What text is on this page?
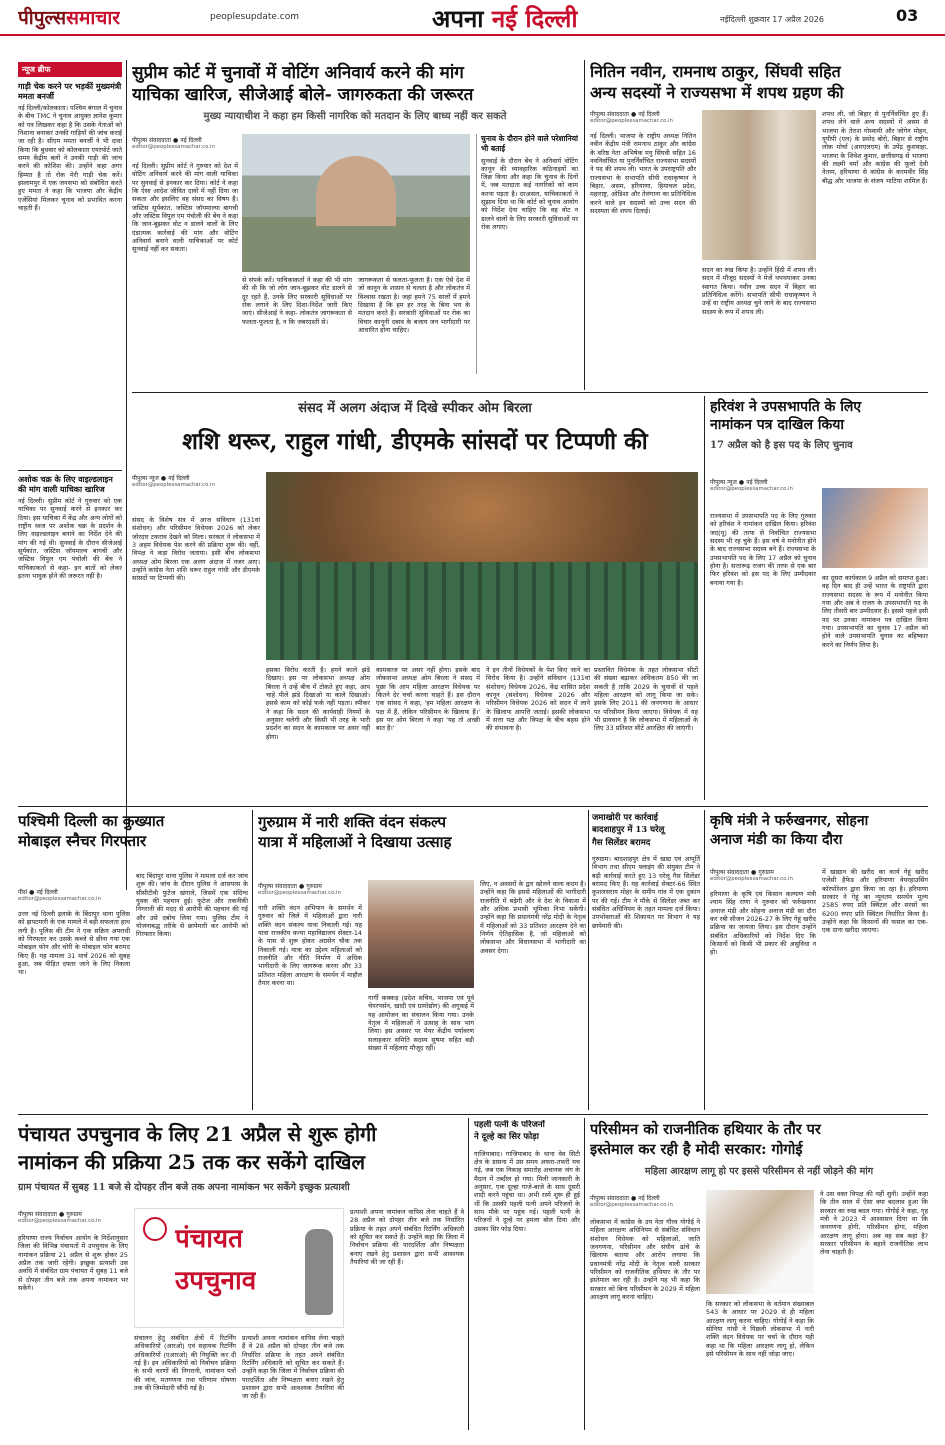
पीपुल्ससमाचार	peoplesupdate.com	अपना नई दिल्ली	नईदिल्ली शुक्रवार 17 अप्रैल 2026	03
न्यूज ब्रीफ
गाड़ी चेक करने पर भड़कीं मुख्यमंत्री ममता बनर्जी
नई दिल्ली/कोलकाता। पश्चिम बंगाल में चुनाव के बीच TMC ने चुनाव आयुक्त ज्ञानेश कुमार को पत्र लिखकर कहा है कि उसके नेताओं को निशाना बनाकर उनकी गाड़ियों की जांच कराई जा रही है। सीएम ममता बनर्जी ने भी दावा किया कि बुधवार को कोलकाता एयरपोर्ट जाते समय केंद्रीय बलों ने उनकी गाड़ी की जांच करने की कोशिश की। उन्होंने कहा अगर हिम्मत है तो रोक मेरी गाड़ी चेक करें। इस्लामपुर में एक जनसभा को संबोधित करते हुए ममता ने कहा कि भाजपा और केंद्रीय एजेंसियां मिलकर चुनाव को प्रभावित करना चाहती हैं।
अशोक चक्र के लिए वाइल्डलाइन की मांग वाली याचिका खारिज
नई दिल्ली। सुप्रीम कोर्ट ने गुरुवार को एक याचिका पर सुनवाई करने से इनकार कर दिया। इस याचिका में केंद्र और अन्य लोगों को राष्ट्रीय ध्वज पर अशोक चक्र के प्रदर्शन के लिए वाइल्डलाइन बनाने का निर्देश देने की मांग की गई थी। सुनवाई के दौरान सीजेआई सूर्यकांत, जस्टिस जॉयमाल्य बागची और जस्टिस विपुल एम पंचोली की बेंच ने याचिकाकर्ता से कहा- इन बातों को लेकर इतना भावुक होने की जरूरत नहीं है।
सुप्रीम कोर्ट में चुनावों में वोटिंग अनिवार्य करने की मांग
याचिका खारिज, सीजेआई बोले- जागरुकता की जरूरत
मुख्य न्यायाधीश ने कहा हम किसी नागरिक को मतदान के लिए बाध्य नहीं कर सकते
पीपुल्स संवाददाता ● नई दिल्ली
editor@peoplessamachar.co.in
नई दिल्ली। सुप्रीम कोर्ट ने गुरुवार को देश में वोटिंग अनिवार्य करने की मांग वाली याचिका पर सुनवाई से इनकार कर दिया। कोर्ट ने कहा कि ऐसा आदेश जीवित दावों में नहीं दिया जा सकता और इसलिए वह संसद का विषय है। जस्टिस सूर्यकांत, जस्टिस जॉयमाल्या बागची और जस्टिस विपुल एम पंचोली की बेंच ने कहा कि जान-बूझकर वोट न डालने वालों के लिए दंडात्मक कार्रवाई की मांग और वोटिंग अनिवार्य बनाने वाली याचिकाओं पर कोर्ट सुनवाई नहीं कर सकता।
से संपर्क करें। याचिकाकर्ता ने कहा की भी मांग की थी कि जो लोग जान-बूझकर वोट डालने से दूर रहते हैं, उनके लिए सरकारी सुविधाओं पर रोक लगाने के लिए दिशा-निर्देश जारी किए जाएं। सीजेआई ने कहा- लोकतंत्र जागरूकता से फलता-फूलता है, न कि जबरदस्ती से।
जागरूकता से फलता-फूलता है। एक ऐसे देश में जो कानून के शासन से चलता है और लोकतंत्र में विश्वास रखता है। जहां हमने 75 सालों में हमने दिखाया है कि हम हर तरह के बिना भय के मतदान करते हैं। सरकारी सुविधाओं पर रोक का विचार कानूनी दबाव के बजाय जन भागीदारी पर आधारित होना चाहिए।
चुनाव के दौरान होने वाले परेशानियां भी बताई
सुनवाई के दौरान बेंच ने अनिवार्य वोटिंग कानून की व्यावहारिक कठिनाइयों का जिक्र किया और कहा कि चुनाव के दिनों में, जब मतदाता कई नागरिकों को काम करना पड़ता है। दरअसल, याचिकाकर्ता ने सुझाव दिया था कि कोर्ट को चुनाव आयोग को निर्देश देना चाहिए कि वह वोट न डालने वालों के लिए सरकारी सुविधाओं पर रोक लगाए।
नितिन नवीन, रामनाथ ठाकुर, सिंघवी सहित
अन्य सदस्यों ने राज्यसभा में शपथ ग्रहण की
पीपुल्स संवाददाता ● नई दिल्ली
editor@peoplessamachar.co.in
नई दिल्ली। भाजपा के राष्ट्रीय अध्यक्ष नितिन नवीन केंद्रीय मंत्री रामनाथ ठाकुर और कांग्रेस के वरिष्ठ नेता अभिषेक मनु सिंघवी सहित 16 नवनिर्वाचित या पुनर्निर्वाचित राज्यसभा सदस्यों ने पद की शपथ ली। भारत के उपराष्ट्रपति और राज्यसभा के सभापति सीपी राधाकृष्णन ने बिहार, असम, हरियाणा, हिमाचल प्रदेश, महाराष्ट्र, ओडिशा और तेलंगाना का प्रतिनिधित्व करने वाले इन सदस्यों को उच्च सदन की सदस्यता की शपथ दिलाई।
सदन का रुख किया है। उन्होंने हिंदी में शपथ ली। सदन में मौजूद सदस्यों ने मेजें थपथपाकर उनका स्वागत किया। नवीन उच्च सदन में बिहार का प्रतिनिधित्व करेंगे। सभापति सीपी राधाकृष्णन ने उन्हें वा राष्ट्रीय अध्यक्ष चुने जाने के बाद राज्यसभा सदस्य के रूप में शपथ ली।
शपथ ली, जो बिहार से पुनर्निर्वाचित हुए हैं। शपथ लेने वाले अन्य सदस्यों में असम से भाजपा के तेराश गोस्वामी और जोगेन मोहन, यूपीपी (एल) के प्रमोद बोरो, बिहार से राष्ट्रीय लोक मोर्चा (आरएलएम) के उपेंद्र कुशवाहा, भाजपा के शिवेश कुमार, छत्तीसगढ़ से भाजपा की लक्ष्मी वर्मा और कांग्रेस की फूलो देवी नेताम, हरियाणा से कांग्रेस के करमवीर सिंह बौद्ध और भाजपा के संजय भाटिया शामिल हैं।
संसद में अलग अंदाज में दिखे स्पीकर ओम बिरला
शशि थरूर, राहुल गांधी, डीएमके सांसदों पर टिप्पणी की
पीपुल्स न्यूज ● नई दिल्ली
editor@peoplessamachar.co.in
संसद के विशेष सत्र में आज संविधान (131वां संशोधन) और परिसीमन विधेयक 2026 को लेकर जोरदार टकराव देखने को मिला। सरकार ने लोकसभा में 3 अहम विधेयक पेश करने की प्रक्रिया शुरू की। वहीं, विपक्ष ने कड़ा विरोध जताया। इसी बीच लोकसभा अध्यक्ष ओम बिरला एक अलग अंदाज में नजर आए। उन्होंने कांग्रेस नेता शशि थरूर राहुल गांधी और डीएमके सांसदों पर टिप्पणी की।
इसका विरोध करती है। हमने काले झंडे दिखाए। इस पर लोकसभा अध्यक्ष ओम बिरला ने उन्हें बीच में टोकते हुए कहा, आप चाहे पीले झंडे दिखाओ या काले दिखाओ। इससे काम को कोई फर्क नहीं पड़ता। स्पीकर ने कहा कि सदन की कार्यवाही नियमों के अनुसार चलेगी और किसी भी तरह के भारी प्रदर्शन का सदन के कामकाज पर असर नहीं होगा।
कामकाज पर असर नहीं होगा। इसके बाद लोकसभा अध्यक्ष ओम बिरला ने संसद में पूछा कि आप महिला आरक्षण विधेयक पर कितने देर चर्चा करना चाहते हैं। इस दौरान एक सांसद ने कहा, 'हम महिला आरक्षण के पक्ष में हैं, लेकिन परिसीमन के खिलाफ हैं।' इस पर ओम बिरला ने कहा 'यह तो अच्छी बात है।'
ने इन तीनों विधेयकों के पेश किए जाने का विरोध किया है। उन्होंने संविधान (131वां संशोधन) विधेयक 2026, केंद्र शासित प्रदेश कानून (संशोधन) विधेयक 2026 और परिसीमन विधेयक 2026 को सदन में लाने के खिलाफ आपत्ति जताई। इसकी लोकसभा में सत्ता पक्ष और विपक्ष के बीच बहस होने की संभावना है।
प्रस्तावित विधेयक के तहत लोकसभा सीटों की संख्या बढ़ाकर अधिकतम 850 की जा सकती है ताकि 2029 के चुनावों से पहले महिला आरक्षण को लागू किया जा सके। इसके लिए 2011 की जनगणना के आधार पर परिसीमन किया जाएगा। विधेयक में यह भी प्रावधान है कि लोकसभा में महिलाओं के लिए 33 प्रतिशत सीटें आरक्षित की जाएंगी।
हरिवंश ने उपसभापति के लिए
नामांकन पत्र दाखिल किया
17 अप्रैल को है इस पद के लिए चुनाव
पीपुल्स न्यूज ● नई दिल्ली
editor@peoplessamachar.co.in
राज्यसभा में उपसभापति पद के लिए गुरुवार को हरिवंश ने नामांकन दाखिल किया। हरिवंश जद(यू) की तरफ से निर्वाचित राज्यसभा सदस्य भी रह चुके हैं। इस वर्ष वे मनोनीत होने के बाद राज्यसभा सदस्य बने हैं। राज्यसभा के उपसभापति पद के लिए 17 अप्रैल को चुनाव होना है। सत्तारूढ़ राजग की तरफ से एक बार फिर हरिवंश को इस पद के लिए उम्मीदवार बनाया गया है।
का दूसरा कार्यकाल 9 अप्रैल को समाप्त हुआ। वह दिन बाद ही उन्हें भारत के राष्ट्रपति द्वारा राज्यसभा सदस्य के रूप में मनोनीत किया गया और अब वे राजग के उपसभापति पद के लिए तीसरी बार उम्मीदवार हैं। इससे पहले इसी पद पर उनका नामांकन पत्र दाखिल किया गया। उपसभापति का चुनाव 17 अप्रैल को होने वाले उपसभापति चुनाव का बहिष्कार करने का निर्णय लिया है।
पश्चिमी दिल्ली का कुख्यात
मोबाइल स्नैचर गिरफ्तार
पीसं ● नई दिल्ली
editor@peoplessamachar.co.in
उत्तर नई दिल्ली इलाके के बिंदापुर थाना पुलिस को झपटमारी के एक मामले में बड़ी सफलता हाथ लगी है। पुलिस की टीम ने एक सक्रिय अपराधी को गिरफ्तार कर उसके कब्जे से छीना गया एक मोबाइल फोन और चोरी के मोबाइल फोन बरामद किए हैं। यह मामला 31 मार्च 2026 को सुबह हुआ, जब पीड़ित दफ्तर जाने के लिए निकला था।
बाद बिंदापुर थाना पुलिस ने मामला दर्ज कर जांच शुरू की। जांच के दौरान पुलिस ने आसपास के सीसीटीवी फुटेज खंगाले, जिसमें एक संदिग्ध युवक की पहचान हुई। फुटेज और तकनीकी निगरानी की मदद से आरोपी की पहचान की गई और उसे दबोच लिया गया। पुलिस टीम ने योजनाबद्ध तरीके से छापेमारी कर आरोपी को गिरफ्तार किया।
गुरुग्राम में नारी शक्ति वंदन संकल्प
यात्रा में महिलाओं ने दिखाया उत्साह
पीपुल्स संवाददाता ● गुरुग्राम
editor@peoplessamachar.co.in
नारी शक्ति वंदन अभियान के समर्थन में गुरुवार को जिले में महिलाओं द्वारा नारी शक्ति वंदन संकल्प यात्रा निकाली गई। यह यात्रा राजकीय कन्या महाविद्यालय सेक्टर-14 के पास से शुरू होकर अग्रसेन चौक तक निकाली गई। यात्रा का उद्देश्य महिलाओं को राजनीति और नीति निर्माण में अधिक भागीदारी के लिए जागरूक करना और 33 प्रतिशत महिला आरक्षण के समर्थन में माहौल तैयार करना था।
गार्गी कक्कड़ (प्रदेश सचिव, भाजपा एवं पूर्व चेयरपर्सन, खादी एवं ग्रामोद्योग) की अगुवाई में यह आयोजन का संचालन किया गया। उनके नेतृत्व में महिलाओं ने उत्साह के साथ भाग लिया। इस अवसर पर मेयर केंद्रीय पर्यावरण सलाहकार समिति सदस्य सुषमा सहित बड़ी संख्या में महिलाएं मौजूद रहीं।
लिए, न अवसरों के द्वार खोलने वाला कदम है। उन्होंने कहा कि इससे महिलाओं की भागीदारी राजनीति में बढ़ेगी और वे देश के विकास में और अधिक प्रभावी भूमिका निभा सकेंगी। उन्होंने कहा कि प्रधानमंत्री नरेंद्र मोदी के नेतृत्व में महिलाओं को 33 प्रतिशत आरक्षण देने का निर्णय ऐतिहासिक है, जो महिलाओं को लोकसभा और विधानसभा में भागीदारी का अवसर देगा।
जमाखोरी पर कार्रवाई
बादशाहपुर में 13 घरेलू
गैस सिलेंडर बरामद
गुरुग्राम। बादशाहपुर क्षेत्र में खाद्य एवं आपूर्ति विभाग तथा सीएम फ्लाइंग की संयुक्त टीम ने बड़ी कार्रवाई करते हुए 13 घरेलू गैस सिलेंडर बरामद किए हैं। यह कार्रवाई सेक्टर-66 स्थित कुशलसराय मोहर के समीप गांव में एक दुकान पर की गई। टीम ने मौके से सिलेंडर जब्त कर संबंधित अधिनियम के तहत मामला दर्ज किया। उपभोक्ताओं की शिकायत पर विभाग ने यह छापेमारी की।
कृषि मंत्री ने फर्रुखनगर, सोहना
अनाज मंडी का किया दौरा
पीपुल्स संवाददाता ● गुरुग्राम
editor@peoplessamachar.co.in
हरियाणा के कृषि एवं किसान कल्याण मंत्री श्याम सिंह राणा ने गुरुवार को फर्रुखनगर अनाज मंडी और सोहना अनाज मंडी का दौरा कर रबी सीजन 2026-27 के लिए गेहूं खरीद प्रक्रिया का जायजा लिया। इस दौरान उन्होंने संबंधित अधिकारियों को निर्देश दिए कि किसानों को किसी भी प्रकार की असुविधा न हो।
में खाद्यान की खरीद का कार्य गेहूं खरीद एजेंसी हैफेड और हरियाणा वेयरहाउसिंग कॉरपोरेशन द्वारा किया जा रहा है। हरियाणा सरकार ने गेहूं का न्यूनतम समर्थन मूल्य 2585 रुपए प्रति क्विंटल और सरसों का 6200 रुपए प्रति क्विंटल निर्धारित किया है। उन्होंने कहा कि किसानों की फसल का एक-एक दाना खरीदा जाएगा।
पंचायत उपचुनाव के लिए 21 अप्रैल से शुरू होगी
नामांकन की प्रक्रिया 25 तक कर सकेंगे दाखिल
ग्राम पंचायत में सुबह 11 बजे से दोपहर तीन बजे तक अपना नामांकन भर सकेंगे इच्छुक प्रत्याशी
पीपुल्स संवाददाता ● गुरुग्राम
editor@peoplessamachar.co.in
हरियाणा राज्य निर्वाचन आयोग के निर्देशानुसार जिला की विभिन्न पंचायतों में उपचुनाव के लिए नामांकन प्रक्रिया 21 अप्रैल से शुरू होकर 25 अप्रैल तक जारी रहेगी। इच्छुक प्रत्याशी उस अवधि में संबंधित ग्राम पंचायत में सुबह 11 बजे से दोपहर तीन बजे तक अपना नामांकन भर सकेंगे।
पंचायत
उपचुनाव
संचालन हेतु संबंधित क्षेत्रों में रिटर्निंग अधिकारियों (आरओ) एवं सहायक रिटर्निंग अधिकारियों (एआरओ) की नियुक्ति कर दी गई है। इन अधिकारियों को निर्वाचन प्रक्रिया के सभी चरणों की निगरानी, नामांकन पत्रों की जांच, मतगणना तथा परिणाम घोषणा तक की जिम्मेदारी सौंपी गई है।
प्रत्याशी अपना नामांकन वापिस लेना चाहते हैं वे 28 अप्रैल को दोपहर तीन बजे तक निर्धारित प्रक्रिया के तहत अपने संबंधित रिटर्निंग अधिकारी को सूचित कर सकते हैं। उन्होंने कहा कि जिला में निर्वाचन प्रक्रिया की पारदर्शिता और निष्पक्षता बनाए रखने हेतु प्रशासन द्वारा सभी आवश्यक तैयारियां की जा रही हैं।
प्रत्याशी अपना नामांकन वापिस लेना चाहते हैं वे 28 अप्रैल को दोपहर तीन बजे तक निर्धारित प्रक्रिया के तहत अपने संबंधित रिटर्निंग अधिकारी को सूचित कर सकते हैं। उन्होंने कहा कि जिला में निर्वाचन प्रक्रिया की पारदर्शिता और निष्पक्षता बनाए रखने हेतु प्रशासन द्वारा सभी आवश्यक तैयारियां की जा रही हैं।
पहली पत्नी के परिजनों
ने दूल्हे का सिर फोड़ा
गाजियाबाद। गाजियाबाद के थाना वेव सिटी क्षेत्र के डासना में उस समय अफरा-तफरी मच गई, जब एक निकाह समारोह अचानक जंग के मैदान में तब्दील हो गया। मिली जानकारी के अनुसार, एक दूल्हा गाजे-बाजे के साथ दूसरी शादी करने पहुंचा था। अभी रस्में शुरू ही हुई थीं कि उसकी पहली पत्नी अपने परिजनों के साथ मौके पर पहुंच गई। पहली पत्नी के परिजनों ने दूल्हे पर हमला बोल दिया और उसका सिर फोड़ दिया।
परिसीमन को राजनीतिक हथियार के तौर पर
इस्तेमाल कर रही है मोदी सरकार: गोगोई
महिला आरक्षण लागू हो पर इससे परिसीमन से नहीं जोड़ने की मांग
पीपुल्स संवाददाता ● नई दिल्ली
editor@peoplessamachar.co.in
लोकसभा में कांग्रेस के उप नेता गौरव गोगोई ने महिला आरक्षण अधिनियम से संबंधित संविधान संशोधन विधेयक को महिलाओं, जाति जनगणना, परिसीमन और संघीय ढांचे के खिलाफ बताया और आरोप लगाया कि प्रधानमंत्री नरेंद्र मोदी के नेतृत्व वाली सरकार परिसीमन को राजनीतिक हथियार के तौर पर इस्तेमाल कर रही है। उन्होंने यह भी कहा कि सरकार को बिना परिसीमन के 2029 में महिला आरक्षण लागू करना चाहिए।
कि सरकार को लोकसभा के वर्तमान संख्याबल 543 के आधार पर 2029 से ही महिला आरक्षण लागू करना चाहिए। गोगोई ने कहा कि सोनिया गांधी ने पिछली लोकसभा में नारी शक्ति वंदन विधेयक पर चर्चा के दौरान यही कहा था कि महिला आरक्षण लागू हो, लेकिन इसे परिसीमन के साथ नहीं जोड़ा जाए।
ने उस वक्त विपक्ष की नहीं सुनी। उन्होंने कहा कि तीन साल में ऐसा क्या बदलाव हुआ कि सरकार का रुख बदल गया। गोगोई ने कहा, गृह मंत्री ने 2023 में आश्वासन दिया था कि जनगणना होगी, परिसीमन होगा, महिला आरक्षण लागू होगा। अब वह सब कहां है? सरकार परिसीमन के बहाने राजनीतिक लाभ लेना चाहती है।
